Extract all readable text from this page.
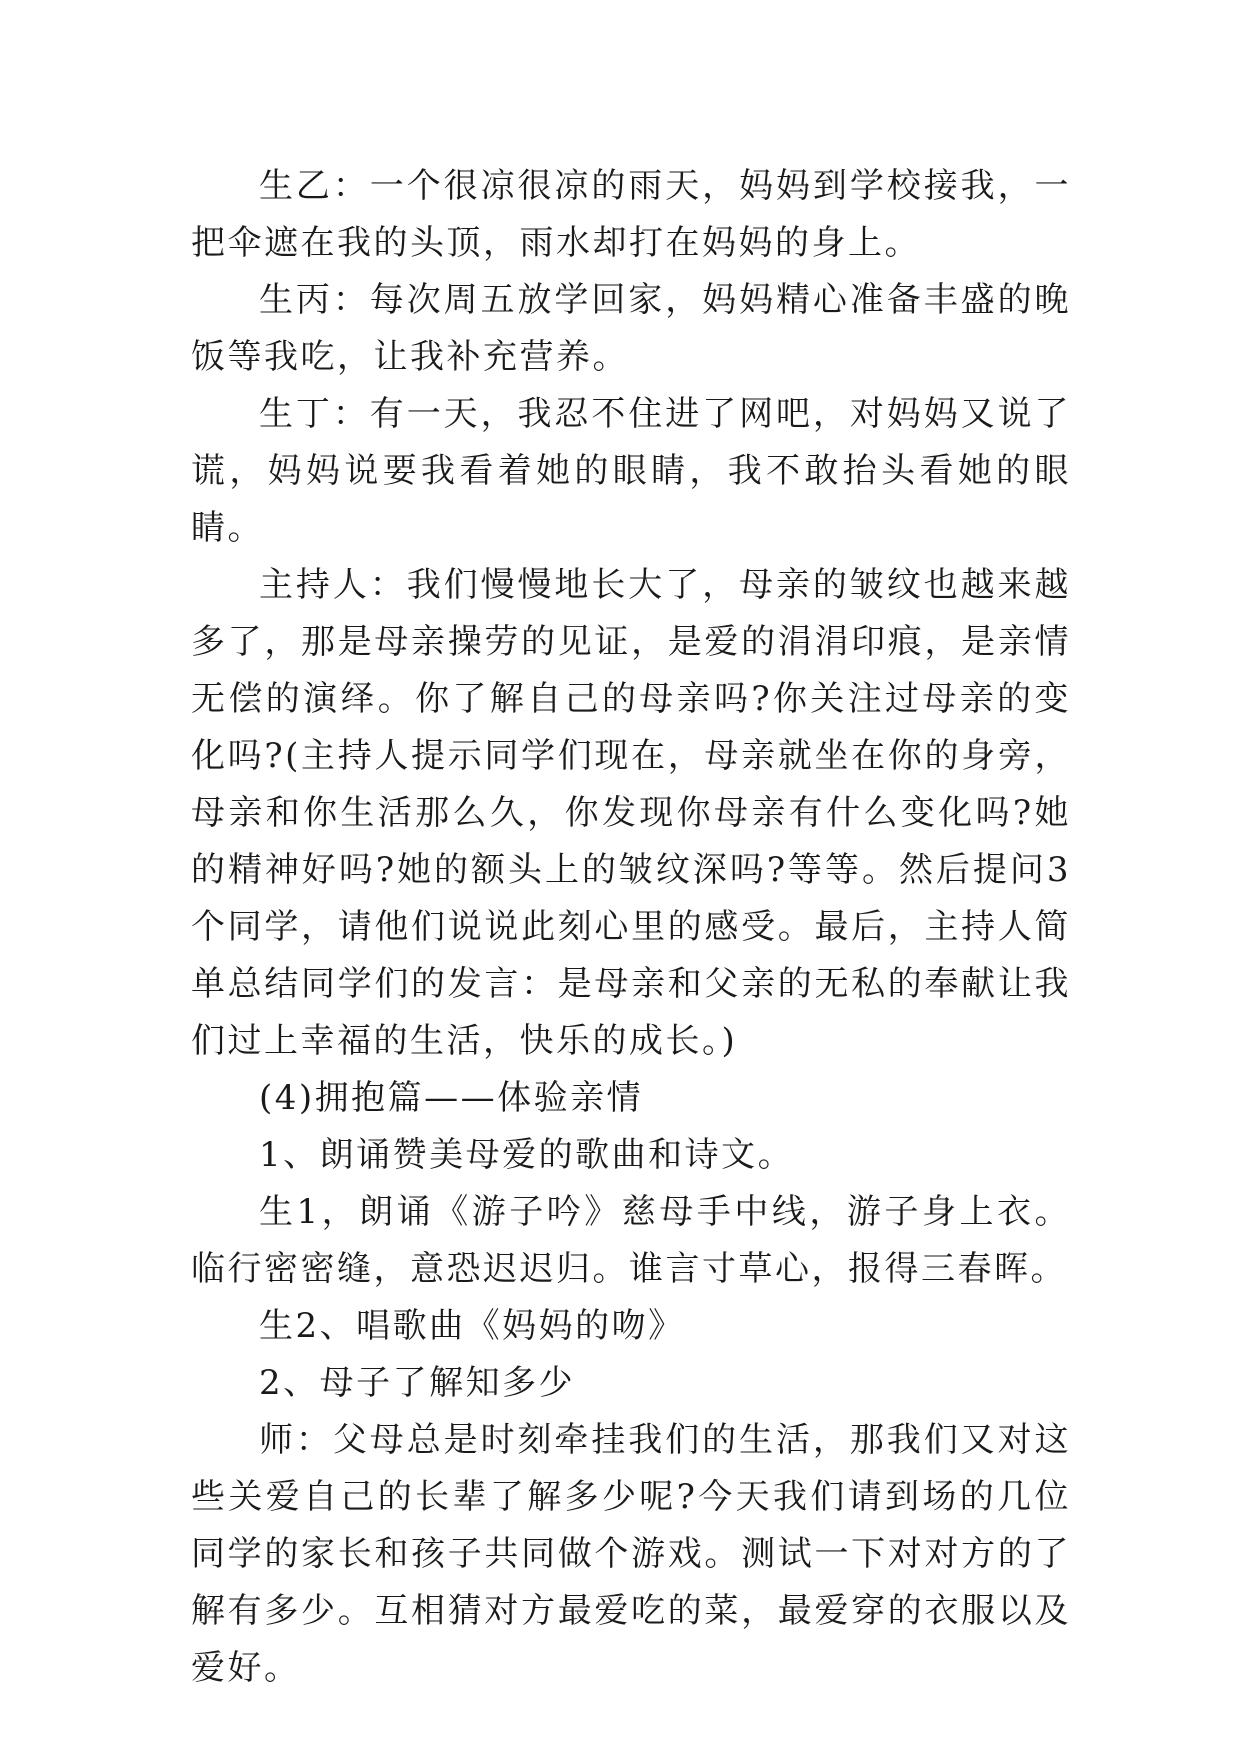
生乙：一个很凉很凉的雨天，妈妈到学校接我，一把伞遮在我的头顶，雨水却打在妈妈的身上。

生丙：每次周五放学回家，妈妈精心准备丰盛的晚饭等我吃，让我补充营养。

生丁：有一天，我忍不住进了网吧，对妈妈又说了谎，妈妈说要我看着她的眼睛，我不敢抬头看她的眼睛。

主持人：我们慢慢地长大了，母亲的皱纹也越来越多了，那是母亲操劳的见证，是爱的涓涓印痕，是亲情无偿的演绎。你了解自己的母亲吗?你关注过母亲的变化吗?(主持人提示同学们现在，母亲就坐在你的身旁，母亲和你生活那么久，你发现你母亲有什么变化吗?她的精神好吗?她的额头上的皱纹深吗?等等。然后提问3个同学，请他们说说此刻心里的感受。最后，主持人简单总结同学们的发言：是母亲和父亲的无私的奉献让我们过上幸福的生活，快乐的成长。)

(4)拥抱篇——体验亲情

1、朗诵赞美母爱的歌曲和诗文。

生1，朗诵《游子吟》慈母手中线，游子身上衣。临行密密缝，意恐迟迟归。谁言寸草心，报得三春晖。

生2、唱歌曲《妈妈的吻》

2、母子了解知多少

师：父母总是时刻牵挂我们的生活，那我们又对这些关爱自己的长辈了解多少呢?今天我们请到场的几位同学的家长和孩子共同做个游戏。测试一下对对方的了解有多少。互相猜对方最爱吃的菜，最爱穿的衣服以及爱好。
